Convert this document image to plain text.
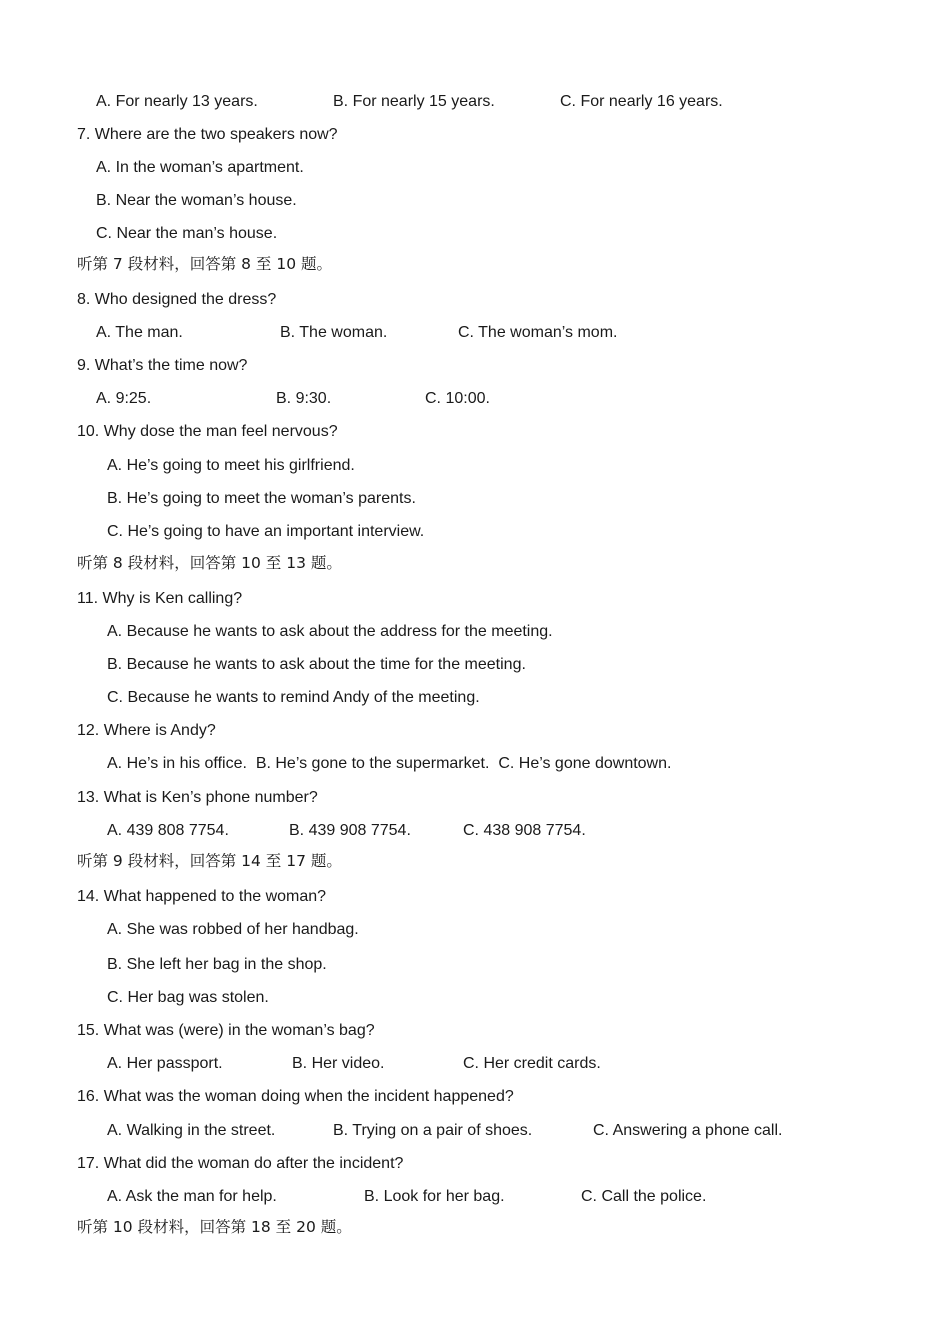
A. For nearly 13 years.	B. For nearly 15 years.	C. For nearly 16 years.
7. Where are the two speakers now?
A. In the woman’s apartment.
B. Near the woman’s house.
C. Near the man’s house.
听第 7 段材料，回答第 8 至 10 题。
8. Who designed the dress?
A. The man.	B. The woman.	C. The woman’s mom.
9. What’s the time now?
A. 9:25.	B. 9:30.	C. 10:00.
10. Why dose the man feel nervous?
A. He’s going to meet his girlfriend.
B. He’s going to meet the woman’s parents.
C. He’s going to have an important interview.
听第 8 段材料，回答第 10 至 13 题。
11. Why is Ken calling?
A. Because he wants to ask about the address for the meeting.
B. Because he wants to ask about the time for the meeting.
C. Because he wants to remind Andy of the meeting.
12. Where is Andy?
A. He’s in his office.  B. He’s gone to the supermarket.  C. He’s gone downtown.
13. What is Ken’s phone number?
A. 439 808 7754.	B. 439 908 7754.	C. 438 908 7754.
听第 9 段材料，回答第 14 至 17 题。
14. What happened to the woman?
A. She was robbed of her handbag.
B. She left her bag in the shop.
C. Her bag was stolen.
15. What was (were) in the woman’s bag?
A. Her passport.	B. Her video.	C. Her credit cards.
16. What was the woman doing when the incident happened?
A. Walking in the street.	B. Trying on a pair of shoes.	C. Answering a phone call.
17. What did the woman do after the incident?
A. Ask the man for help.	B. Look for her bag.	C. Call the police.
听第 10 段材料，回答第 18 至 20 题。
